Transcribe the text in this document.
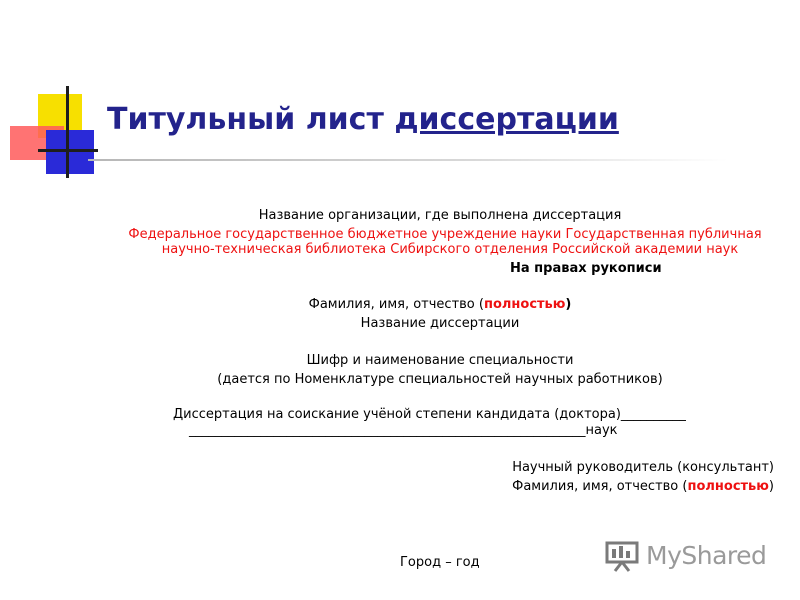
Титульный лист диссертации
Название организации, где выполнена диссертация
Федеральное государственное бюджетное учреждение науки Государственная публичная
научно-техническая библиотека Сибирского отделения Российской академии наук
На правах рукописи
Фамилия, имя, отчество (полностью)
Название диссертации
Шифр и наименование специальности
(дается по Номенклатуре специальностей научных работников)
Диссертация на соискание учёной степени кандидата (доктора)__________
_____________________________________________________________наук
Научный руководитель (консультант)
Фамилия, имя, отчество (полностью)
Город – год	MyShared
